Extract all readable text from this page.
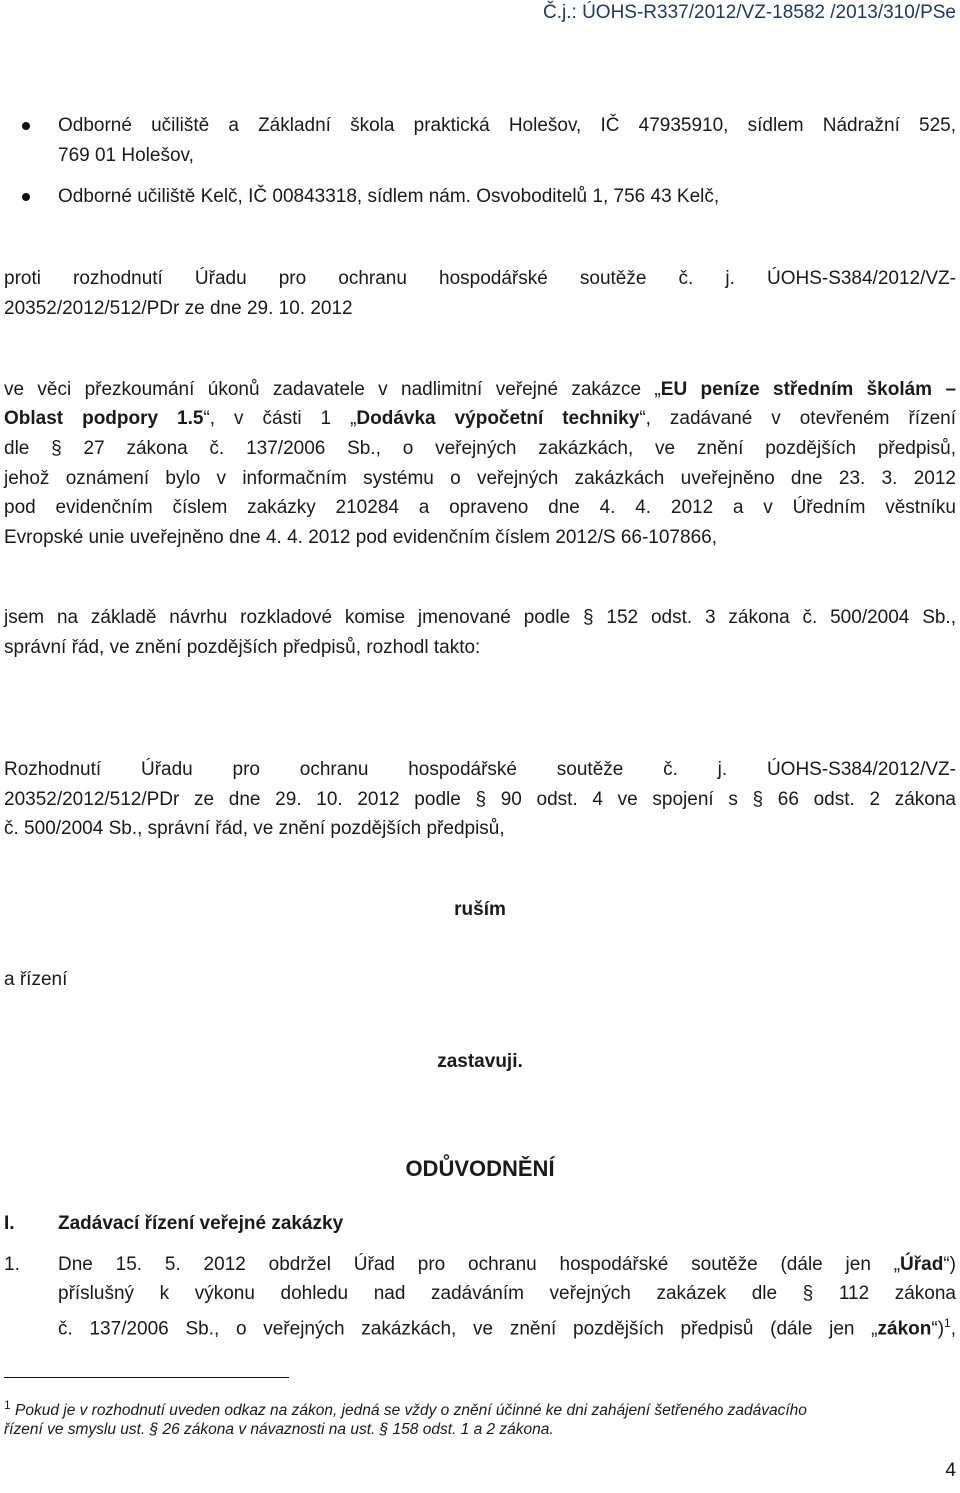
Č.j.: ÚOHS-R337/2012/VZ-18582 /2013/310/PSe
Odborné učiliště a Základní škola praktická Holešov, IČ 47935910, sídlem Nádražní 525,
769 01 Holešov,
Odborné učiliště Kelč, IČ 00843318, sídlem nám. Osvoboditelů 1, 756 43 Kelč,
proti rozhodnutí Úřadu pro ochranu hospodářské soutěže č. j. ÚOHS-S384/2012/VZ-
20352/2012/512/PDr ze dne 29. 10. 2012
ve věci přezkoumání úkonů zadavatele v nadlimitní veřejné zakázce „EU peníze středním školám –
Oblast podpory 1.5“, v části 1 „Dodávka výpočetní techniky“, zadávané v otevřeném řízení
dle § 27 zákona č. 137/2006 Sb., o veřejných zakázkách, ve znění pozdějších předpisů,
jehož oznámení bylo v informačním systému o veřejných zakázkách uveřejněno dne 23. 3. 2012
pod evidenčním číslem zakázky 210284 a opraveno dne 4. 4. 2012 a v Úředním věstníku
Evropské unie uveřejněno dne 4. 4. 2012 pod evidenčním číslem 2012/S 66-107866,
jsem na základě návrhu rozkladové komise jmenované podle § 152 odst. 3 zákona č. 500/2004 Sb.,
správní řád, ve znění pozdějších předpisů, rozhodl takto:
Rozhodnutí Úřadu pro ochranu hospodářské soutěže č. j. ÚOHS-S384/2012/VZ-
20352/2012/512/PDr ze dne 29. 10. 2012 podle § 90 odst. 4 ve spojení s § 66 odst. 2 zákona
č. 500/2004 Sb., správní řád, ve znění pozdějších předpisů,
ruším
a řízení
zastavuji.
ODŮVODNĚNÍ
I. Zadávací řízení veřejné zakázky
1. Dne 15. 5. 2012 obdržel Úřad pro ochranu hospodářské soutěže (dále jen „Úřad“)
příslušný k výkonu dohledu nad zadáváním veřejných zakázek dle § 112 zákona
č. 137/2006 Sb., o veřejných zakázkách, ve znění pozdějších předpisů (dále jen „zákon“)$^1$,
$^1$ Pokud je v rozhodnutí uveden odkaz na zákon, jedná se vždy o znění účinné ke dni zahájení šetřeného zadávacího
řízení ve smyslu ust. § 26 zákona v návaznosti na ust. § 158 odst. 1 a 2 zákona.
4
